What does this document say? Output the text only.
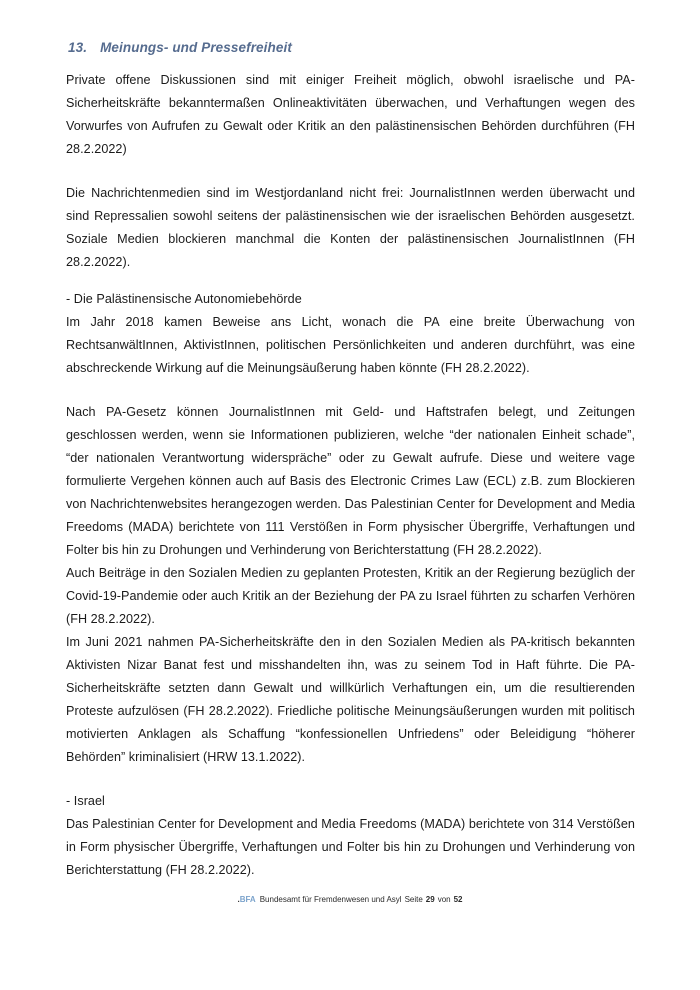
13. Meinungs- und Pressefreiheit

Private offene Diskussionen sind mit einiger Freiheit möglich, obwohl israelische und PA-Sicherheitskräfte bekanntermaßen Onlineaktivitäten überwachen, und Verhaftungen wegen des Vorwurfes von Aufrufen zu Gewalt oder Kritik an den palästinensischen Behörden durchführen (FH 28.2.2022)

Die Nachrichtenmedien sind im Westjordanland nicht frei: JournalistInnen werden überwacht und sind Repressalien sowohl seitens der palästinensischen wie der israelischen Behörden ausgesetzt. Soziale Medien blockieren manchmal die Konten der palästinensischen JournalistInnen (FH 28.2.2022).

- Die Palästinensische Autonomiebehörde

Im Jahr 2018 kamen Beweise ans Licht, wonach die PA eine breite Überwachung von RechtsanwältInnen, AktivistInnen, politischen Persönlichkeiten und anderen durchführt, was eine abschreckende Wirkung auf die Meinungsäußerung haben könnte (FH 28.2.2022).

Nach PA-Gesetz können JournalistInnen mit Geld- und Haftstrafen belegt, und Zeitungen geschlossen werden, wenn sie Informationen publizieren, welche “der nationalen Einheit schade”, “der nationalen Verantwortung widerspräche” oder zu Gewalt aufrufe. Diese und weitere vage formulierte Vergehen können auch auf Basis des Electronic Crimes Law (ECL) z.B. zum Blockieren von Nachrichtenwebsites herangezogen werden. Das Palestinian Center for Development and Media Freedoms (MADA) berichtete von 111 Verstößen in Form physischer Übergriffe, Verhaftungen und Folter bis hin zu Drohungen und Verhinderung von Berichterstattung (FH 28.2.2022).

Auch Beiträge in den Sozialen Medien zu geplanten Protesten, Kritik an der Regierung bezüglich der Covid-19-Pandemie oder auch Kritik an der Beziehung der PA zu Israel führten zu scharfen Verhören (FH 28.2.2022).

Im Juni 2021 nahmen PA-Sicherheitskräfte den in den Sozialen Medien als PA-kritisch bekannten Aktivisten Nizar Banat fest und misshandelten ihn, was zu seinem Tod in Haft führte. Die PA-Sicherheitskräfte setzten dann Gewalt und willkürlich Verhaftungen ein, um die resultierenden Proteste aufzulösen (FH 28.2.2022). Friedliche politische Meinungsäußerungen wurden mit politisch motivierten Anklagen als Schaffung “konfessionellen Unfriedens” oder Beleidigung “höherer Behörden” kriminalisiert (HRW 13.1.2022).

- Israel

Das Palestinian Center for Development and Media Freedoms (MADA) berichtete von 314 Verstößen in Form physischer Übergriffe, Verhaftungen und Folter bis hin zu Drohungen und Verhinderung von Berichterstattung (FH 28.2.2022).

.BFA Bundesamt für Fremdenwesen und Asyl Seite 29 von 52
